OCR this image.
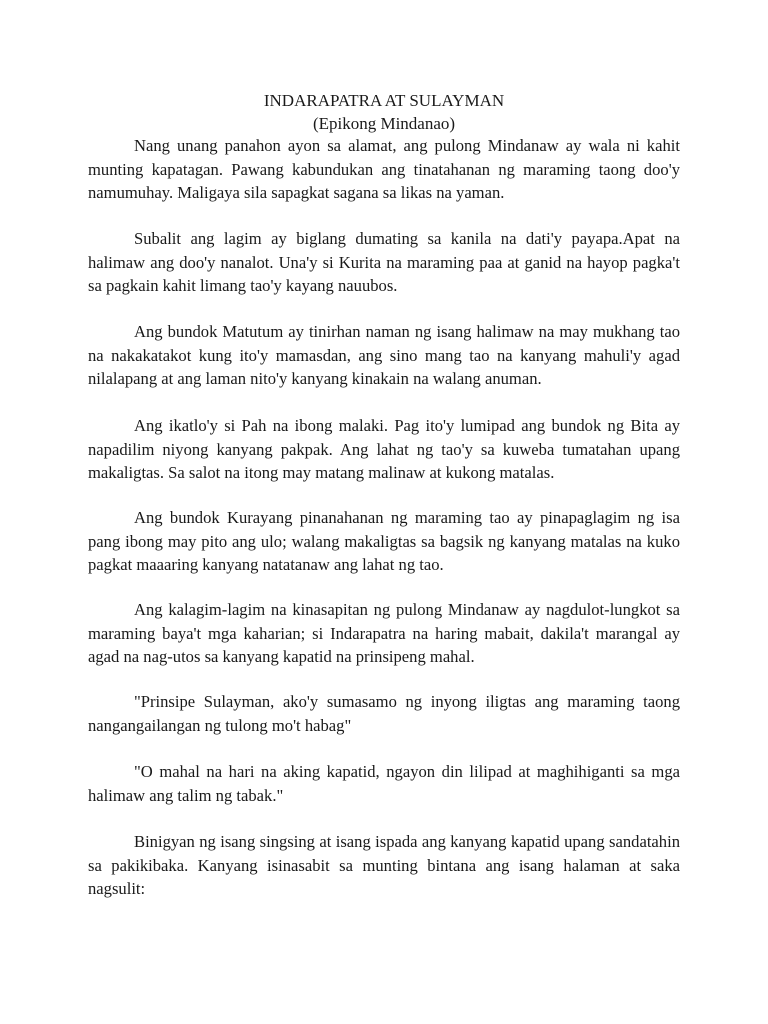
INDARAPATRA AT SULAYMAN
(Epikong Mindanao)

Nang unang panahon ayon sa alamat, ang pulong Mindanaw ay wala ni kahit munting kapatagan. Pawang kabundukan ang tinatahanan ng maraming taong doo'y namumuhay. Maligaya sila sapagkat sagana sa likas na yaman.

Subalit ang lagim ay biglang dumating sa kanila na dati'y payapa.Apat na halimaw ang doo'y nanalot. Una'y si Kurita na maraming paa at ganid na hayop pagka't sa pagkain kahit limang tao'y kayang nauubos.

Ang bundok Matutum ay tinirhan naman ng isang halimaw na may mukhang tao na nakakatakot kung ito'y mamasdan, ang sino mang tao na kanyang mahuli'y agad nilalapang at ang laman nito'y kanyang kinakain na walang anuman.

Ang ikatlo'y si Pah na ibong malaki. Pag ito'y lumipad ang bundok ng Bita ay napadilim niyong kanyang pakpak. Ang lahat ng tao'y sa kuweba tumatahan upang makaligtas. Sa salot na itong may matang malinaw at kukong matalas.

Ang bundok Kurayang pinanahanan ng maraming tao ay pinapaglagim ng isa pang ibong may pito ang ulo; walang makaligtas sa bagsik ng kanyang matalas na kuko pagkat maaaring kanyang natatanaw ang lahat ng tao.

Ang kalagim-lagim na kinasapitan ng pulong Mindanaw ay nagdulot-lungkot sa maraming baya't mga kaharian; si Indarapatra na haring mabait, dakila't marangal ay agad na nag-utos sa kanyang kapatid na prinsipeng mahal.

"Prinsipe Sulayman, ako'y sumasamo ng inyong iligtas ang maraming taong nangangailangan ng tulong mo't habag"

"O mahal na hari na aking kapatid, ngayon din lilipad at maghihiganti sa mga halimaw ang talim ng tabak."

Binigyan ng isang singsing at isang ispada ang kanyang kapatid upang sandatahin sa pakikibaka. Kanyang isinasabit sa munting bintana ang isang halaman at saka nagsulit:
